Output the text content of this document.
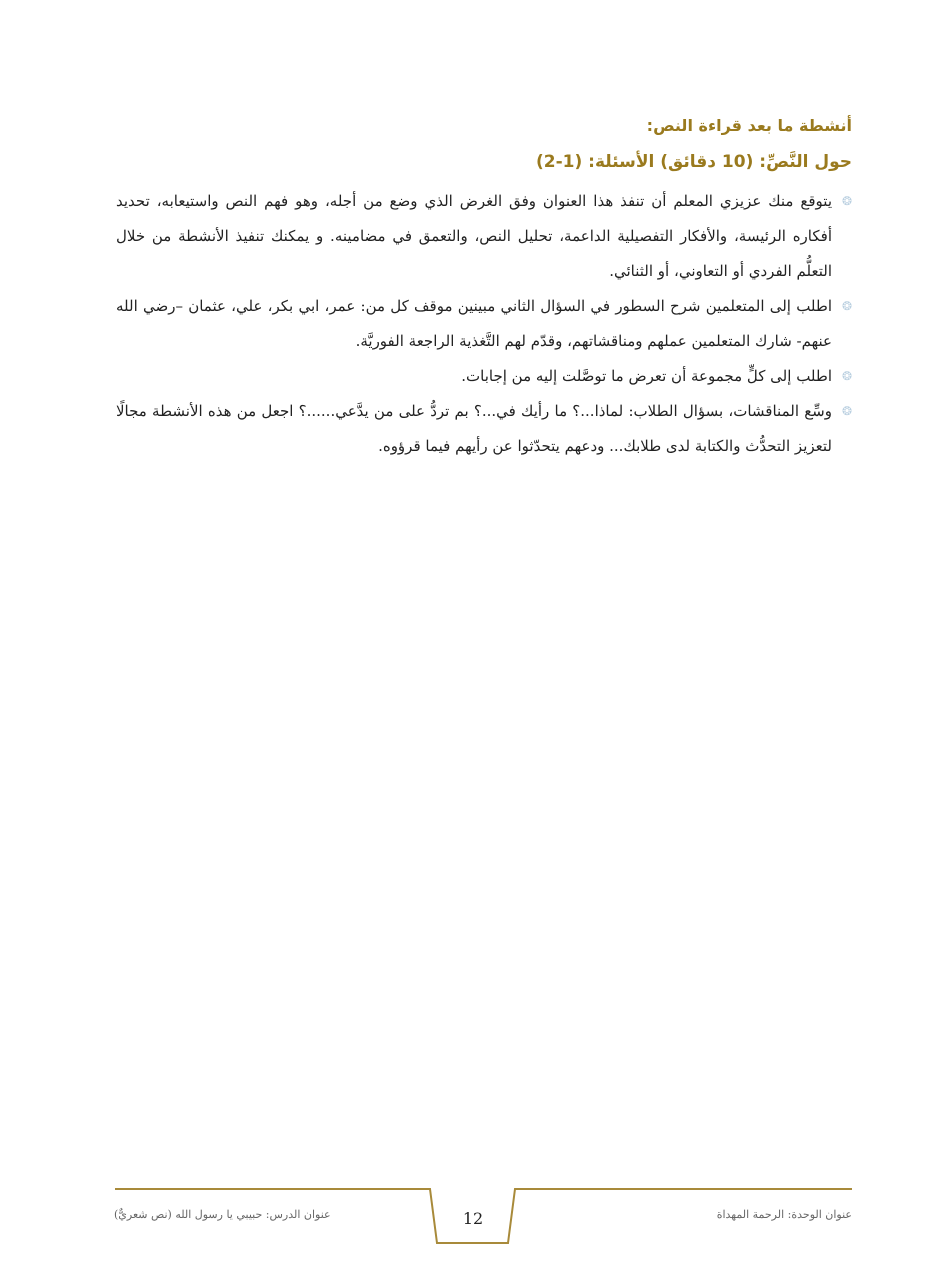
أنشطة ما بعد قراءة النص:
حول النَّصِّ: (10 دقائق) الأسئلة: (1-2)
❂
يتوقع منك عزيزي المعلم أن تنفذ هذا العنوان وفق الغرض الذي وضع من أجله، وهو فهم النص واستيعابه، تحديد أفكاره الرئيسة، والأفكار التفصيلية الداعمة، تحليل النص، والتعمق في مضامينه. و يمكنك تنفيذ الأنشطة من خلال التعلُّم الفردي أو التعاوني، أو الثنائي.
❂
اطلب إلى المتعلمين شرح السطور في السؤال الثاني مبينين موقف كل من: عمر، ابي بكر، علي، عثمان –رضي الله عنهم- شارك المتعلمين عملهم ومناقشاتهم، وقدّم لهم التَّغذية الراجعة الفوريَّة.
❂
اطلب إلى كلٍّ مجموعة أن تعرض ما توصَّلت إليه من إجابات.
❂
وسِّع المناقشات، بسؤال الطلاب: لماذا...؟ ما رأيك في...؟ بم تردُّ على من يدَّعي......؟ اجعل من هذه الأنشطة مجالًا لتعزيز التحدُّث والكتابة لدى طلابك... ودعهم يتحدّثوا عن رأيهم فيما قرؤوه.
عنوان الوحدة: الرحمة المهداة
12
عنوان الدرس: حبيبي يا رسول الله (نص شعريٌّ)
